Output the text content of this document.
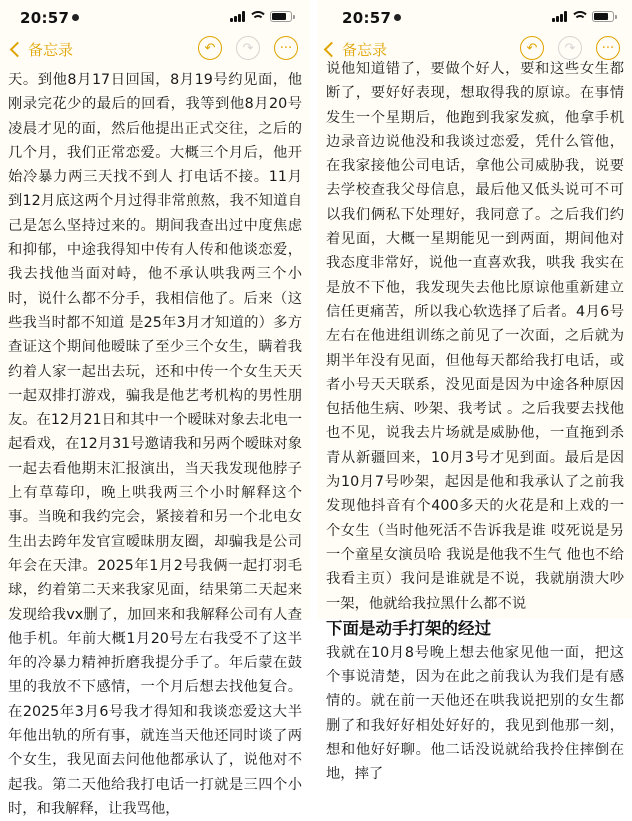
20:57
备忘录	↶	↷	···

天。到他8月17日回国，8月19号约见面，他刚录完花少的最后的回看，我等到他8月20号凌晨才见的面，然后他提出正式交往，之后的几个月，我们正常恋爱。大概三个月后，他开始冷暴力两三天找不到人 打电话不接。11月到12月底这两个月过得非常煎熬，我不知道自己是怎么坚持过来的。期间我查出过中度焦虑和抑郁，中途我得知中传有人传和他谈恋爱，我去找他当面对峙，他不承认哄我两三个小时，说什么都不分手，我相信他了。后来（这些我当时都不知道 是25年3月才知道的）多方查证这个期间他暧昧了至少三个女生，瞒着我约着人家一起出去玩，还和中传一个女生天天一起双排打游戏，骗我是他艺考机构的男性朋友。在12月21日和其中一个暧昧对象去北电一起看戏，在12月31号邀请我和另两个暧昧对象一起去看他期末汇报演出，当天我发现他脖子上有草莓印，晚上哄我两三个小时解释这个事。当晚和我约完会，紧接着和另一个北电女生出去跨年发官宣暧昧朋友圈，却骗我是公司年会在天津。2025年1月2号我俩一起打羽毛球，约着第二天来我家见面，结果第二天起来发现给我vx删了，加回来和我解释公司有人查他手机。年前大概1月20号左右我受不了这半年的冷暴力精神折磨我提分手了。年后蒙在鼓里的我放不下感情，一个月后想去找他复合。在2025年3月6号我才得知和我谈恋爱这大半年他出轨的所有事，就连当天他还同时谈了两个女生，我见面去问他他都承认了，说他对不起我。第二天他给我打电话一打就是三四个小时，和我解释，让我骂他，

20:57
备忘录	↶	↷	···

说他知道错了，要做个好人，要和这些女生都断了，要好好表现，想取得我的原谅。在事情发生一个星期后，他跑到我家发疯，他拿手机边录音边说他没和我谈过恋爱，凭什么管他，在我家接他公司电话，拿他公司威胁我，说要去学校查我父母信息，最后他又低头说可不可以我们俩私下处理好，我同意了。之后我们约着见面，大概一星期能见一到两面，期间他对我态度非常好，说他一直喜欢我，哄我 我实在是放不下他，我发现失去他比原谅他重新建立信任更痛苦，所以我心软选择了后者。4月6号左右在他进组训练之前见了一次面，之后就为期半年没有见面，但他每天都给我打电话，或者小号天天联系，没见面是因为中途各种原因包括他生病、吵架、我考试 。之后我要去找他也不见，说我去片场就是威胁他，一直拖到杀青从新疆回来，10月3号才见到面。最后是因为10月7号吵架，起因是他和我承认了之前我发现他抖音有个400多天的火花是和上戏的一个女生（当时他死活不告诉我是谁 哎死说是另一个童星女演员哈 我说是他我不生气 他也不给我看主页）我问是谁就是不说，我就崩溃大吵一架，他就给我拉黑什么都不说

下面是动手打架的经过

我就在10月8号晚上想去他家见他一面，把这个事说清楚，因为在此之前我认为我们是有感情的。就在前一天他还在哄我说把别的女生都删了和我好好相处好好的，我见到他那一刻，想和他好好聊。他二话没说就给我拎住摔倒在地，摔了
